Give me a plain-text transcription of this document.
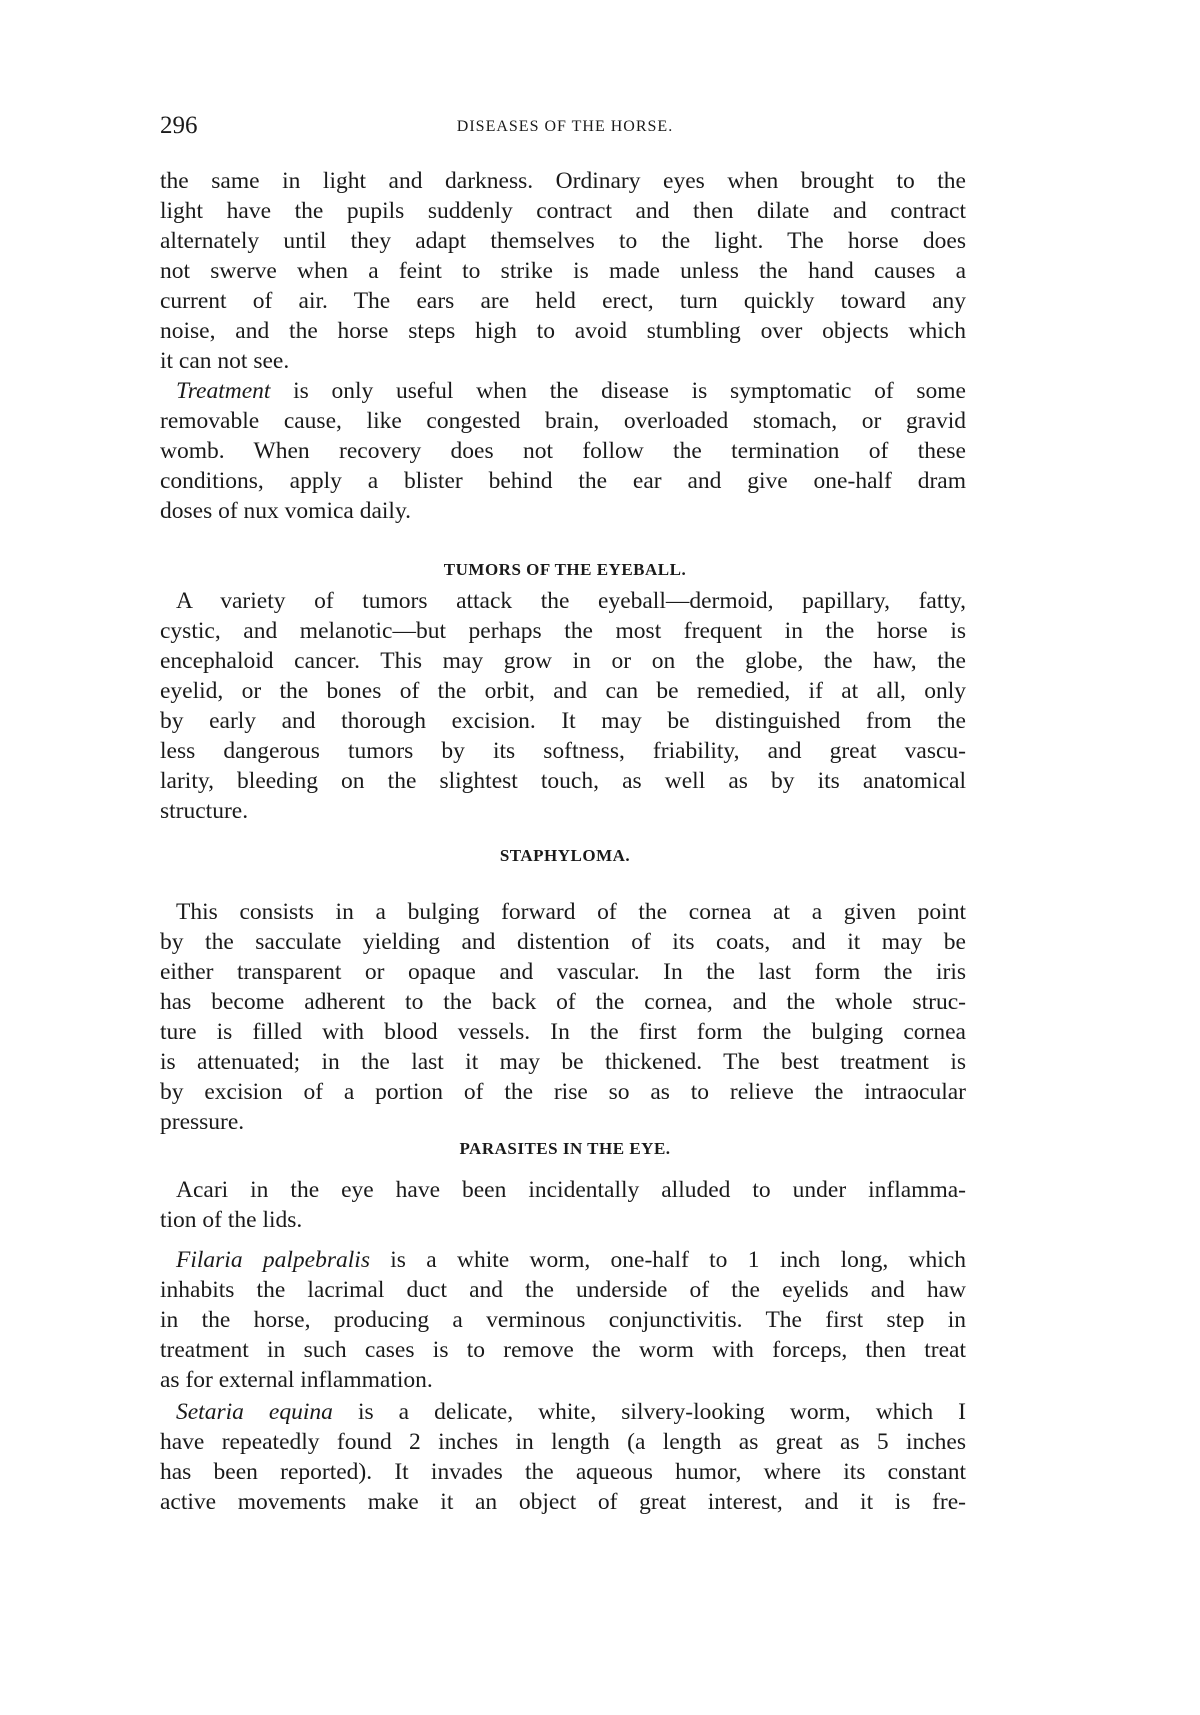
296	DISEASES OF THE HORSE.
TUMORS OF THE EYEBALL.
STAPHYLOMA.
PARASITES IN THE EYE.
the same in light and darkness. Ordinary eyes when brought to the
light have the pupils suddenly contract and then dilate and contract
alternately until they adapt themselves to the light. The horse does
not swerve when a feint to strike is made unless the hand causes a
current of air. The ears are held erect, turn quickly toward any
noise, and the horse steps high to avoid stumbling over objects which
it can not see.
Treatment is only useful when the disease is symptomatic of some
removable cause, like congested brain, overloaded stomach, or gravid
womb. When recovery does not follow the termination of these
conditions, apply a blister behind the ear and give one-half dram
doses of nux vomica daily.
A variety of tumors attack the eyeball—dermoid, papillary, fatty,
cystic, and melanotic—but perhaps the most frequent in the horse is
encephaloid cancer. This may grow in or on the globe, the haw, the
eyelid, or the bones of the orbit, and can be remedied, if at all, only
by early and thorough excision. It may be distinguished from the
less dangerous tumors by its softness, friability, and great vascu-
larity, bleeding on the slightest touch, as well as by its anatomical
structure.
This consists in a bulging forward of the cornea at a given point
by the sacculate yielding and distention of its coats, and it may be
either transparent or opaque and vascular. In the last form the iris
has become adherent to the back of the cornea, and the whole struc-
ture is filled with blood vessels. In the first form the bulging cornea
is attenuated; in the last it may be thickened. The best treatment is
by excision of a portion of the rise so as to relieve the intraocular
pressure.
Acari in the eye have been incidentally alluded to under inflamma-
tion of the lids.
Filaria palpebralis is a white worm, one-half to 1 inch long, which
inhabits the lacrimal duct and the underside of the eyelids and haw
in the horse, producing a verminous conjunctivitis. The first step in
treatment in such cases is to remove the worm with forceps, then treat
as for external inflammation.
Setaria equina is a delicate, white, silvery-looking worm, which I
have repeatedly found 2 inches in length (a length as great as 5 inches
has been reported). It invades the aqueous humor, where its constant
active movements make it an object of great interest, and it is fre-
